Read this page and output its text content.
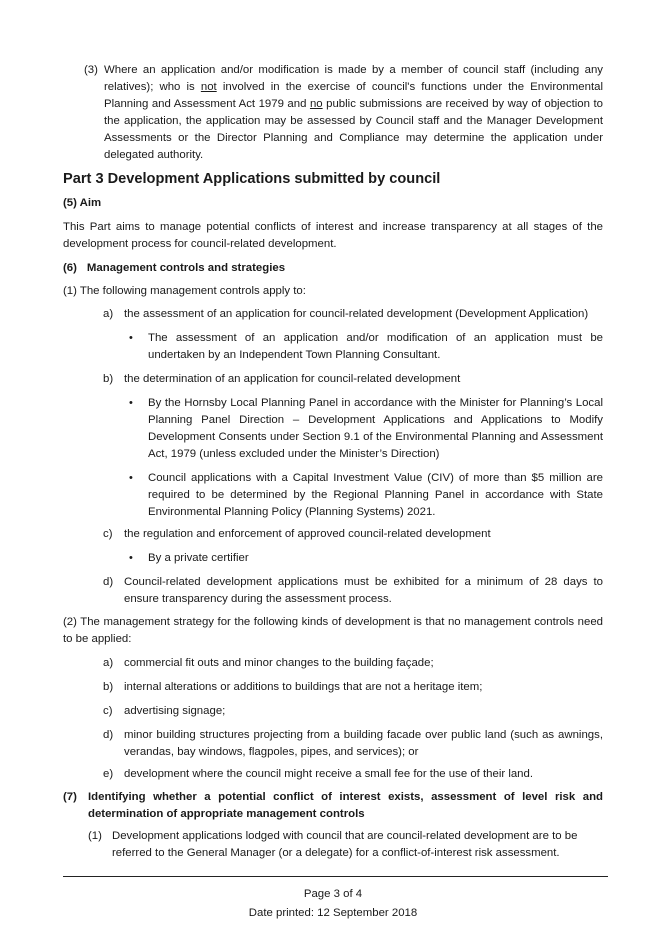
(3) Where an application and/or modification is made by a member of council staff (including any relatives); who is not involved in the exercise of council's functions under the Environmental Planning and Assessment Act 1979 and no public submissions are received by way of objection to the application, the application may be assessed by Council staff and the Manager Development Assessments or the Director Planning and Compliance may determine the application under delegated authority.
Part 3 Development Applications submitted by council
(5) Aim
This Part aims to manage potential conflicts of interest and increase transparency at all stages of the development process for council-related development.
(6) Management controls and strategies
(1) The following management controls apply to:
a) the assessment of an application for council-related development (Development Application)
• The assessment of an application and/or modification of an application must be undertaken by an Independent Town Planning Consultant.
b) the determination of an application for council-related development
• By the Hornsby Local Planning Panel in accordance with the Minister for Planning’s Local Planning Panel Direction – Development Applications and Applications to Modify Development Consents under Section 9.1 of the Environmental Planning and Assessment Act, 1979 (unless excluded under the Minister’s Direction)
• Council applications with a Capital Investment Value (CIV) of more than $5 million are required to be determined by the Regional Planning Panel in accordance with State Environmental Planning Policy (Planning Systems) 2021.
c) the regulation and enforcement of approved council-related development
• By a private certifier
d) Council-related development applications must be exhibited for a minimum of 28 days to ensure transparency during the assessment process.
(2) The management strategy for the following kinds of development is that no management controls need to be applied:
a) commercial fit outs and minor changes to the building façade;
b) internal alterations or additions to buildings that are not a heritage item;
c) advertising signage;
d) minor building structures projecting from a building facade over public land (such as awnings, verandas, bay windows, flagpoles, pipes, and services); or
e) development where the council might receive a small fee for the use of their land.
(7) Identifying whether a potential conflict of interest exists, assessment of level risk and determination of appropriate management controls
(1) Development applications lodged with council that are council-related development are to be referred to the General Manager (or a delegate) for a conflict-of-interest risk assessment.
Page 3 of 4
Date printed: 12 September 2018
